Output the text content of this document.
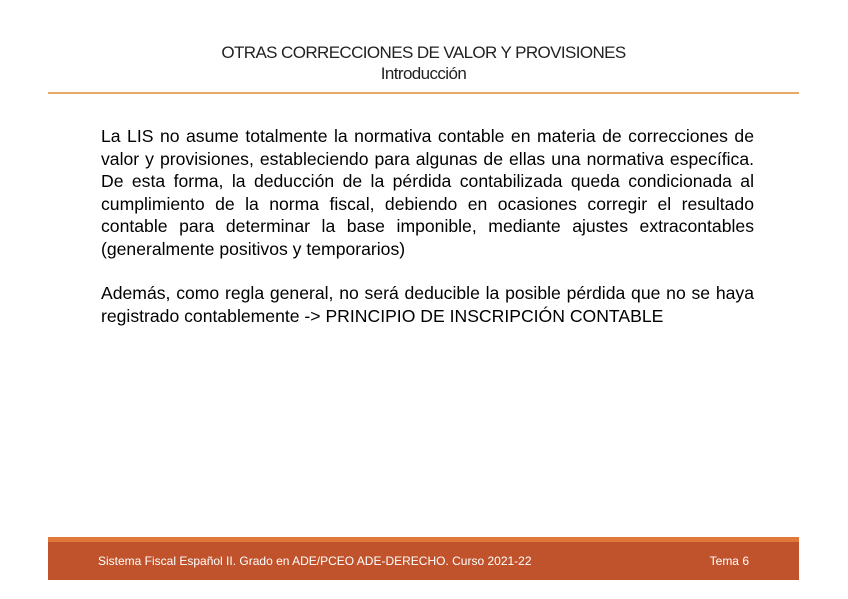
OTRAS CORRECCIONES DE VALOR Y PROVISIONES
Introducción

La LIS no asume totalmente la normativa contable en materia de correcciones de valor y provisiones, estableciendo para algunas de ellas una normativa específica. De esta forma, la deducción de la pérdida contabilizada queda condicionada al cumplimiento de la norma fiscal, debiendo en ocasiones corregir el resultado contable para determinar la base imponible, mediante ajustes extracontables (generalmente positivos y temporarios)

Además, como regla general, no será deducible la posible pérdida que no se haya registrado contablemente -> PRINCIPIO DE INSCRIPCIÓN CONTABLE

Sistema Fiscal Español II. Grado en ADE/PCEO ADE-DERECHO. Curso 2021-22	Tema 6
